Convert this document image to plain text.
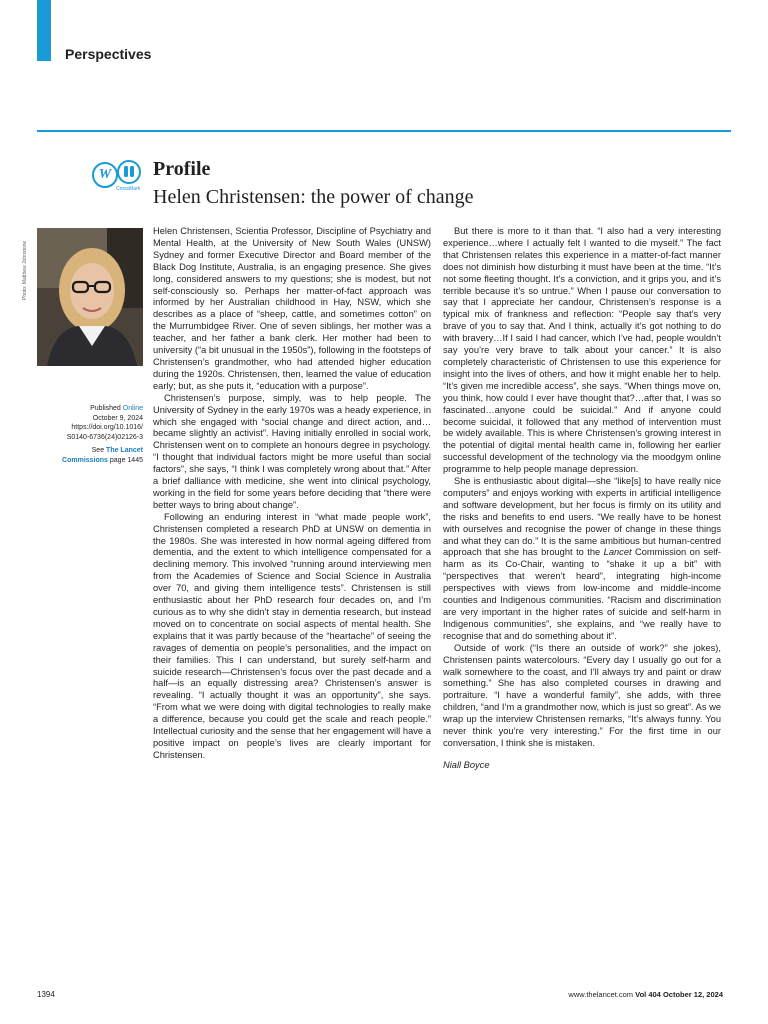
Perspectives
W
CrossMark
Profile
Helen Christensen: the power of change
Photo: Matthew Johnstone
Published Online
October 9, 2024
https://doi.org/10.1016/
S0140-6736(24)02126-3
See The Lancet
Commissions page 1445

Helen Christensen, Scientia Professor, Discipline of Psychiatry and Mental Health, at the University of New South Wales (UNSW) Sydney and former Executive Director and Board member of the Black Dog Institute, Australia, is an engaging presence. She gives long, considered answers to my questions; she is modest, but not self-consciously so. Perhaps her matter-of-fact approach was informed by her Australian childhood in Hay, NSW, which she describes as a place of “sheep, cattle, and sometimes cotton” on the Murrumbidgee River. One of seven siblings, her mother was a teacher, and her father a bank clerk. Her mother had been to university (“a bit unusual in the 1950s”), following in the footsteps of Christensen’s grandmother, who had attended higher education during the 1920s. Christensen, then, learned the value of education early; but, as she puts it, “education with a purpose”.

Christensen’s purpose, simply, was to help people. The University of Sydney in the early 1970s was a heady experience, in which she engaged with “social change and direct action, and…became slightly an activist”. Having initially enrolled in social work, Christensen went on to complete an honours degree in psychology. “I thought that individual factors might be more useful than social factors”, she says, “I think I was completely wrong about that.” After a brief dalliance with medicine, she went into clinical psychology, working in the field for some years before deciding that “there were better ways to bring about change”.

Following an enduring interest in “what made people work”, Christensen completed a research PhD at UNSW on dementia in the 1980s. She was interested in how normal ageing differed from dementia, and the extent to which intelligence compensated for a declining memory. This involved “running around interviewing men from the Academies of Science and Social Science in Australia over 70, and giving them intelligence tests”. Christensen is still enthusiastic about her PhD research four decades on, and I’m curious as to why she didn’t stay in dementia research, but instead moved on to concentrate on social aspects of mental health. She explains that it was partly because of the “heartache” of seeing the ravages of dementia on people’s personalities, and the impact on their families. This I can understand, but surely self-harm and suicide research—Christensen’s focus over the past decade and a half—is an equally distressing area? Christensen’s answer is revealing. “I actually thought it was an opportunity”, she says. “From what we were doing with digital technologies to really make a difference, because you could get the scale and reach people.” Intellectual curiosity and the sense that her engagement will have a positive impact on people’s lives are clearly important for Christensen.

But there is more to it than that. “I also had a very interesting experience…where I actually felt I wanted to die myself.” The fact that Christensen relates this experience in a matter-of-fact manner does not diminish how disturbing it must have been at the time. “It’s not some fleeting thought. It’s a conviction, and it grips you, and it’s terrible because it’s so untrue.” When I pause our conversation to say that I appreciate her candour, Christensen’s response is a typical mix of frankness and reflection: “People say that’s very brave of you to say that. And I think, actually it’s got nothing to do with bravery…If I said I had cancer, which I’ve had, people wouldn’t say you’re very brave to talk about your cancer.” It is also completely characteristic of Christensen to use this experience for insight into the lives of others, and how it might enable her to help. “It’s given me incredible access”, she says. “When things move on, you think, how could I ever have thought that?…after that, I was so fascinated…anyone could be suicidal.” And if anyone could become suicidal, it followed that any method of intervention must be widely available. This is where Christensen’s growing interest in the potential of digital mental health came in, following her earlier successful development of the technology via the moodgym online programme to help people manage depression.

She is enthusiastic about digital—she “like[s] to have really nice computers” and enjoys working with experts in artificial intelligence and software development, but her focus is firmly on its utility and the risks and benefits to end users. “We really have to be honest with ourselves and recognise the power of change in these things and what they can do.” It is the same ambitious but human-centred approach that she has brought to the Lancet Commission on self-harm as its Co-Chair, wanting to “shake it up a bit” with “perspectives that weren’t heard”, integrating high-income perspectives with views from low-income and middle-income counties and Indigenous communities. “Racism and discrimination are very important in the higher rates of suicide and self-harm in Indigenous communities”, she explains, and “we really have to recognise that and do something about it”.

Outside of work (“Is there an outside of work?” she jokes), Christensen paints watercolours. “Every day I usually go out for a walk somewhere to the coast, and I’ll always try and paint or draw something.” She has also completed courses in drawing and portraiture. “I have a wonderful family”, she adds, with three children, “and I’m a grandmother now, which is just so great”. As we wrap up the interview Christensen remarks, “It’s always funny. You never think you’re very interesting.” For the first time in our conversation, I think she is mistaken.

Niall Boyce

1394	www.thelancet.com Vol 404 October 12, 2024
